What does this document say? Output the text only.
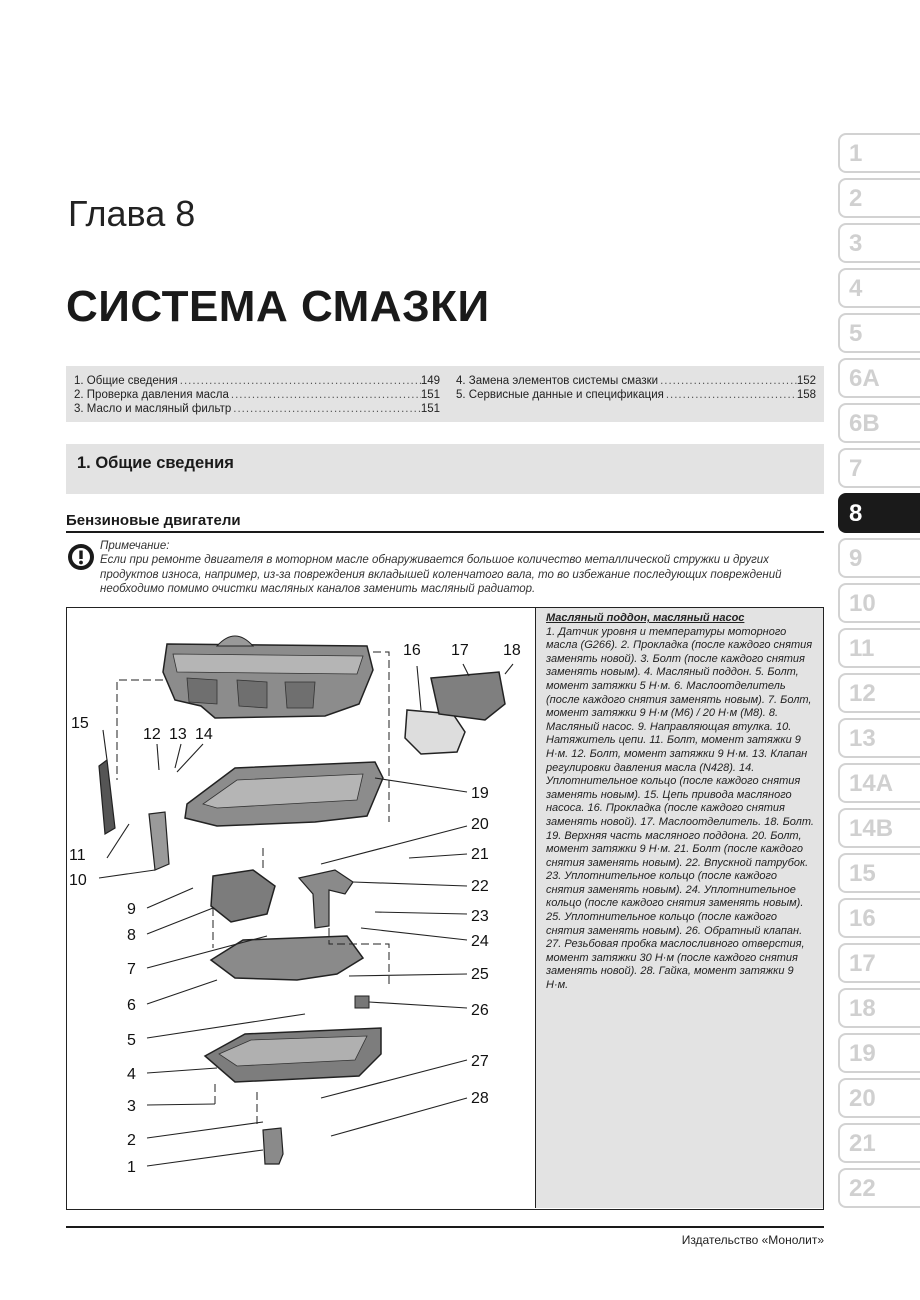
Глава 8
СИСТЕМА СМАЗКИ
1. Общие сведения .....	149
2. Проверка давления масла .....	151
3. Масло и масляный фильтр .....	151
4. Замена элементов системы смазки .....	152
5. Сервисные данные и спецификация .....	158
1. Общие сведения
Бензиновые двигатели
Примечание:
Если при ремонте двигателя в моторном масле обнаруживается большое количество металлической стружки и других продуктов износа, например, из-за повреждения вкладышей коленчатого вала, то во избежание последующих повреждений необходимо помимо очистки масляных каналов заменить масляный радиатор.
1
2
3
4
5
6
7
8
9
10
11
12 13 14
15
16 17 18
19
20
21
22
23
24
25
26
27
28
Масляный поддон, масляный насос
1. Датчик уровня и температуры моторного масла (G266). 2. Прокладка (после каждого снятия заменять новой). 3. Болт (после каждого снятия заменять новым). 4. Масляный поддон. 5. Болт, момент затяжки 5 Н·м. 6. Маслоотделитель (после каждого снятия заменять новым). 7. Болт, момент затяжки 9 Н·м (М6) / 20 Н·м (М8). 8. Масляный насос. 9. Направляющая втулка. 10. Натяжитель цепи. 11. Болт, момент затяжки 9 Н·м. 12. Болт, момент затяжки 9 Н·м. 13. Клапан регулировки давления масла (N428). 14. Уплотнительное кольцо (после каждого снятия заменять новым). 15. Цепь привода масляного насоса. 16. Прокладка (после каждого снятия заменять новой). 17. Маслоотделитель. 18. Болт. 19. Верхняя часть масляного поддона. 20. Болт, момент затяжки 9 Н·м. 21. Болт (после каждого снятия заменять новым). 22. Впускной патрубок. 23. Уплотнительное кольцо (после каждого снятия заменять новым). 24. Уплотнительное кольцо (после каждого снятия заменять новым). 25. Уплотнительное кольцо (после каждого снятия заменять новым). 26. Обратный клапан. 27. Резьбовая пробка маслосливного отверстия, момент затяжки 30 Н·м (после каждого снятия заменять новой). 28. Гайка, момент затяжки 9 Н·м.
1
2
3
4
5
6A
6B
7
8
9
10
11
12
13
14A
14B
15
16
17
18
19
20
21
22
Издательство «Монолит»
